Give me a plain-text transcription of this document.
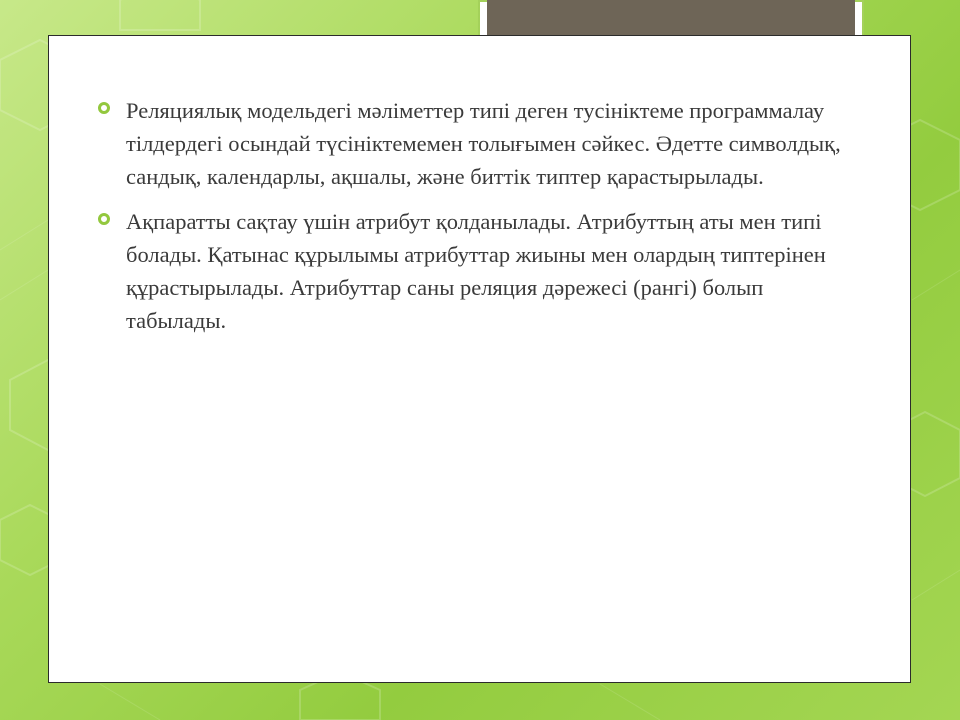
Реляциялық модельдегі мәліметтер типі деген тусініктеме программалау тілдердегі осындай түсініктемемен толығымен сәйкес. Әдетте символдық, сандық, календарлы, ақшалы, және биттік типтер қарастырылады.
Ақпаратты сақтау үшін атрибут қолданылады. Атрибуттың аты мен типі болады. Қатынас құрылымы атрибуттар жиыны мен олардың типтерінен құрастырылады. Атрибуттар саны реляция дәрежесі (рангі) болып табылады.
